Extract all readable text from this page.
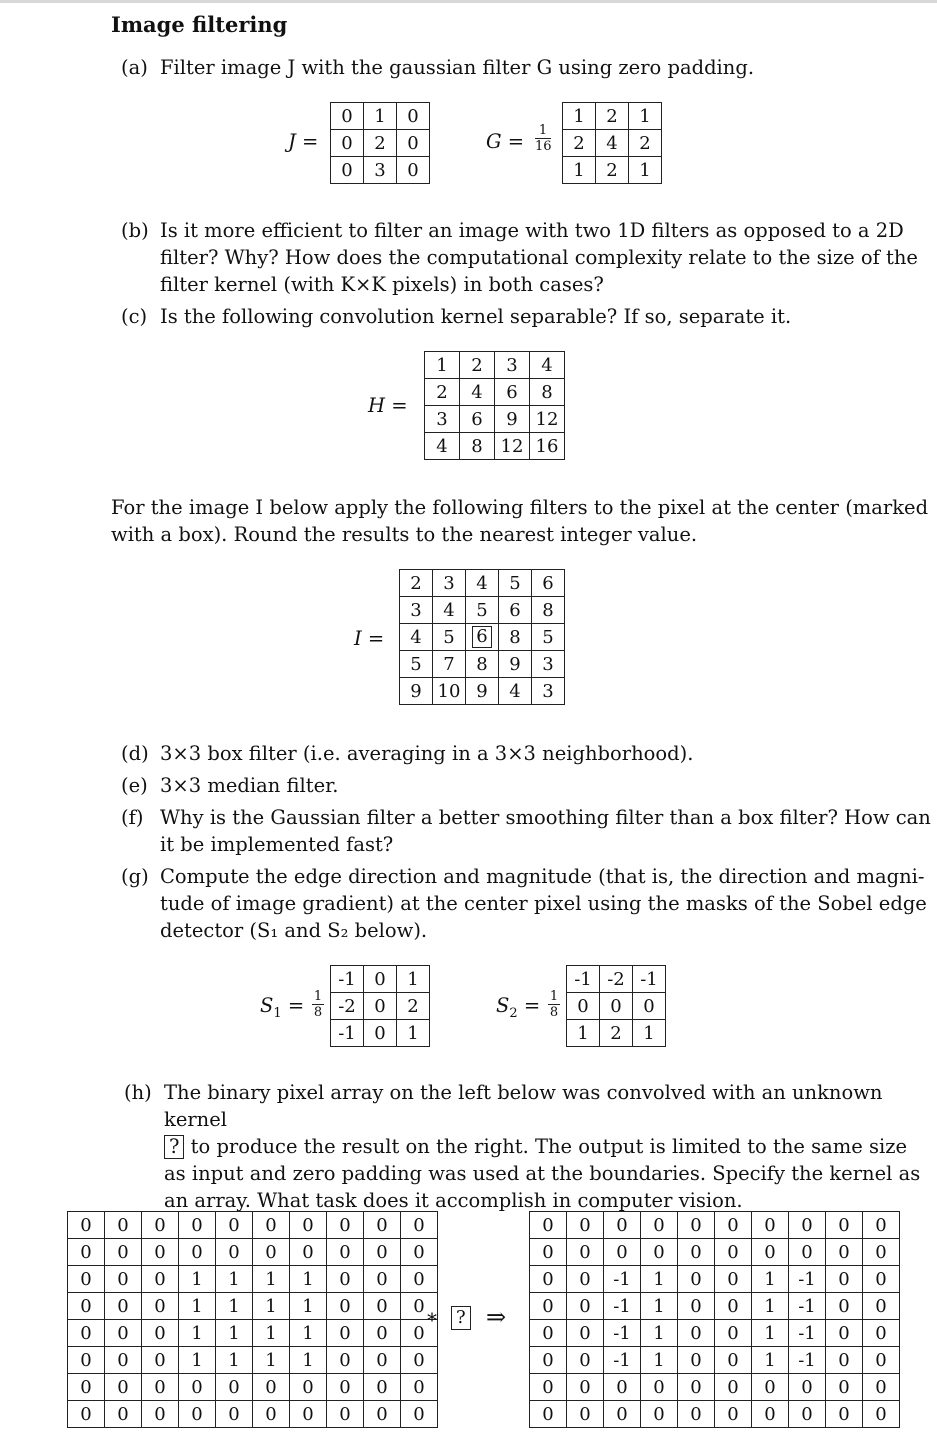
Image filtering
(a) Filter image J with the gaussian filter G using zero padding.
J =
0	1	0
0	2	0
0	3	0
G = 1
16
1	2	1
2	4	2
1	2	1
(b) Is it more efficient to filter an image with two 1D filters as opposed to a 2D
filter? Why? How does the computational complexity relate to the size of the
filter kernel (with K×K pixels) in both cases?
(c) Is the following convolution kernel separable? If so, separate it.
H =
1	2	3	4
2	4	6	8
3	6	9	12
4	8	12	16
For the image I below apply the following filters to the pixel at the center (marked
with a box). Round the results to the nearest integer value.
I =
2	3	4	5	6
3	4	5	6	8
4	5	6	8	5
5	7	8	9	3
9	10	9	4	3
(d) 3×3 box filter (i.e. averaging in a 3×3 neighborhood).
(e) 3×3 median filter.
(f) Why is the Gaussian filter a better smoothing filter than a box filter? How can
it be implemented fast?
(g) Compute the edge direction and magnitude (that is, the direction and magni-
tude of image gradient) at the center pixel using the masks of the Sobel edge
detector (S₁ and S₂ below).
$S_1 = 1$
8
-1	0	1
-2	0	2
-1	0	1
$S_2 = 1$
8
-1	-2	-1
0	0	0
1	2	1
(h) The binary pixel array on the left below was convolved with an unknown kernel
? to produce the result on the right. The output is limited to the same size
as input and zero padding was used at the boundaries. Specify the kernel as
an array. What task does it accomplish in computer vision.
0	0	0	0	0	0	0	0	0	0
0	0	0	0	0	0	0	0	0	0
0	0	0	1	1	1	1	0	0	0
0	0	0	1	1	1	1	0	0	0
0	0	0	1	1	1	1	0	0	0
0	0	0	1	1	1	1	0	0	0
0	0	0	0	0	0	0	0	0	0
0	0	0	0	0	0	0	0	0	0
* ? ⇒
0	0	0	0	0	0	0	0	0	0
0	0	0	0	0	0	0	0	0	0
0	0	-1	1	0	0	1	-1	0	0
0	0	-1	1	0	0	1	-1	0	0
0	0	-1	1	0	0	1	-1	0	0
0	0	-1	1	0	0	1	-1	0	0
0	0	0	0	0	0	0	0	0	0
0	0	0	0	0	0	0	0	0	0
